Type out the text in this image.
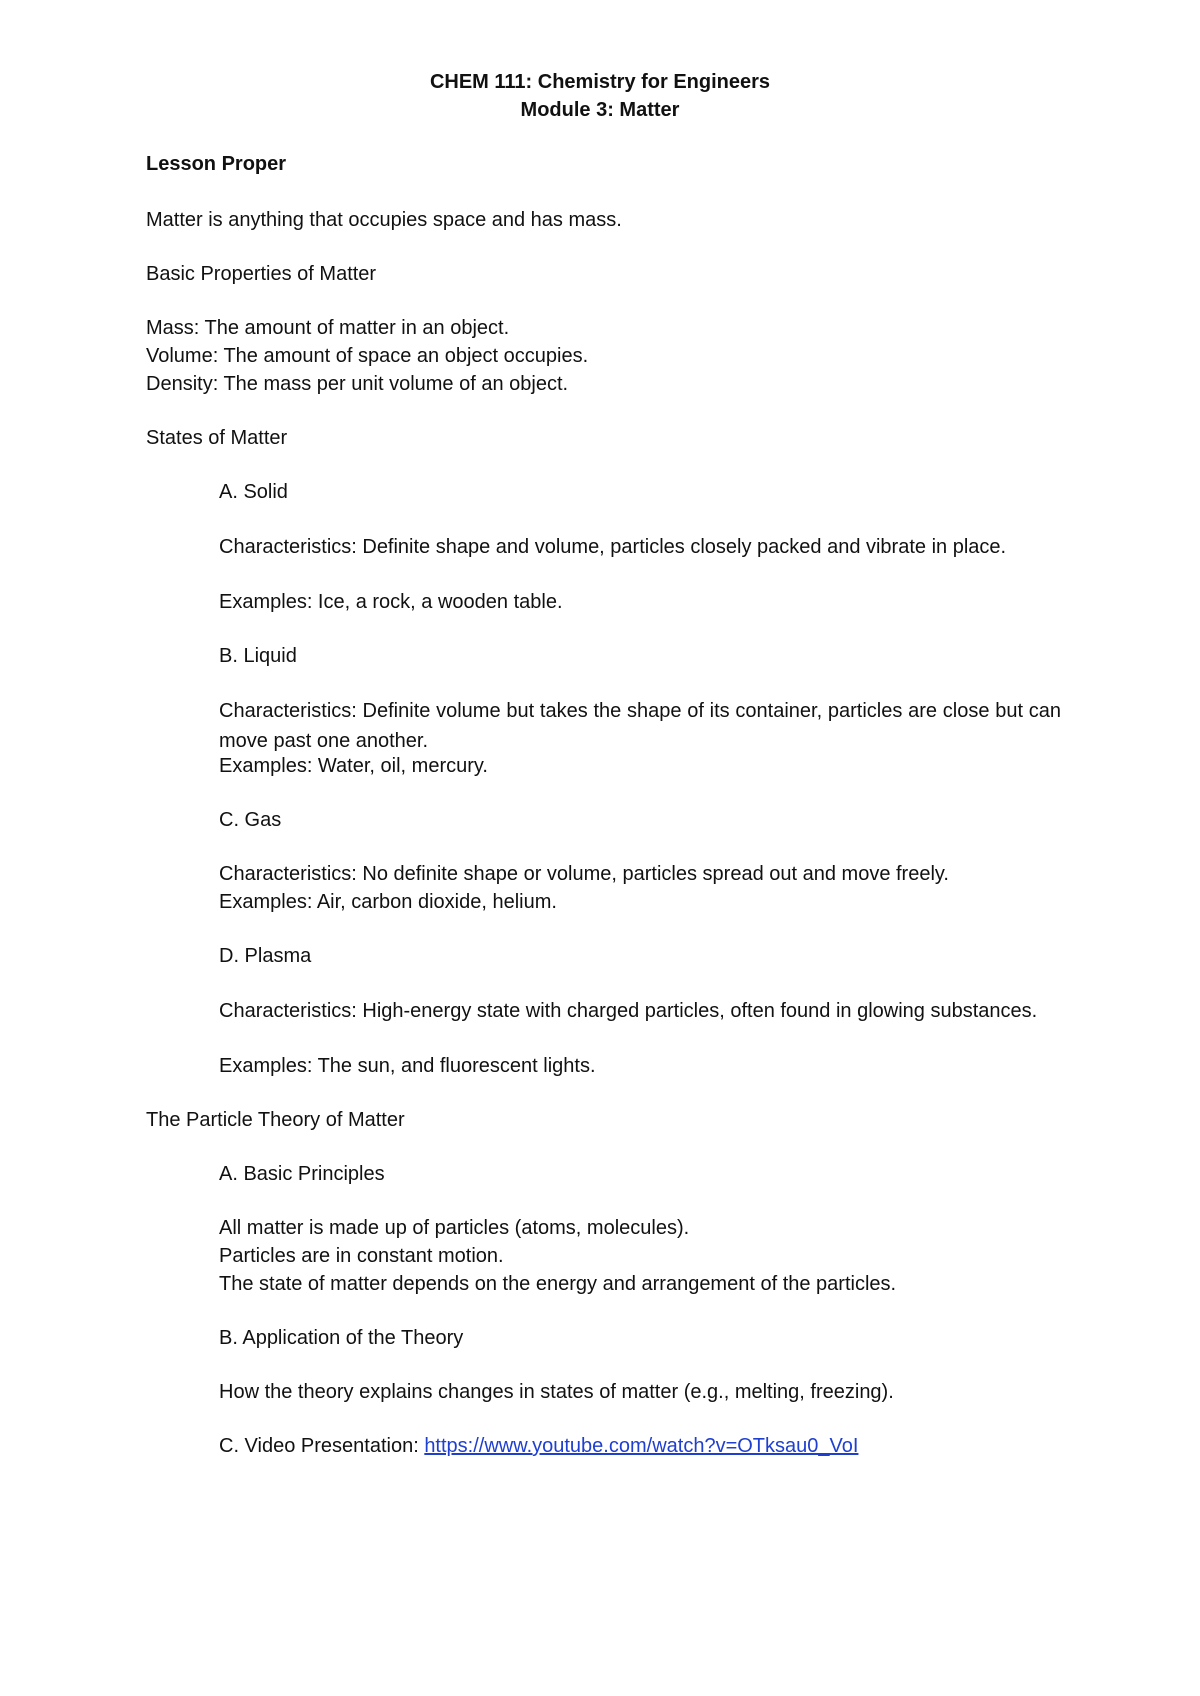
CHEM 111: Chemistry for Engineers
Module 3: Matter
Lesson Proper
Matter is anything that occupies space and has mass.
Basic Properties of Matter
Mass: The amount of matter in an object.
Volume: The amount of space an object occupies.
Density: The mass per unit volume of an object.
States of Matter
A. Solid
Characteristics: Definite shape and volume, particles closely packed and vibrate in place.
Examples: Ice, a rock, a wooden table.
B. Liquid
Characteristics: Definite volume but takes the shape of its container, particles are close but can move past one another.
Examples: Water, oil, mercury.
C. Gas
Characteristics: No definite shape or volume, particles spread out and move freely.
Examples: Air, carbon dioxide, helium.
D. Plasma
Characteristics: High-energy state with charged particles, often found in glowing substances.
Examples: The sun, and fluorescent lights.
The Particle Theory of Matter
A. Basic Principles
All matter is made up of particles (atoms, molecules).
Particles are in constant motion.
The state of matter depends on the energy and arrangement of the particles.
B. Application of the Theory
How the theory explains changes in states of matter (e.g., melting, freezing).
C. Video Presentation: https://www.youtube.com/watch?v=OTksau0_VoI
